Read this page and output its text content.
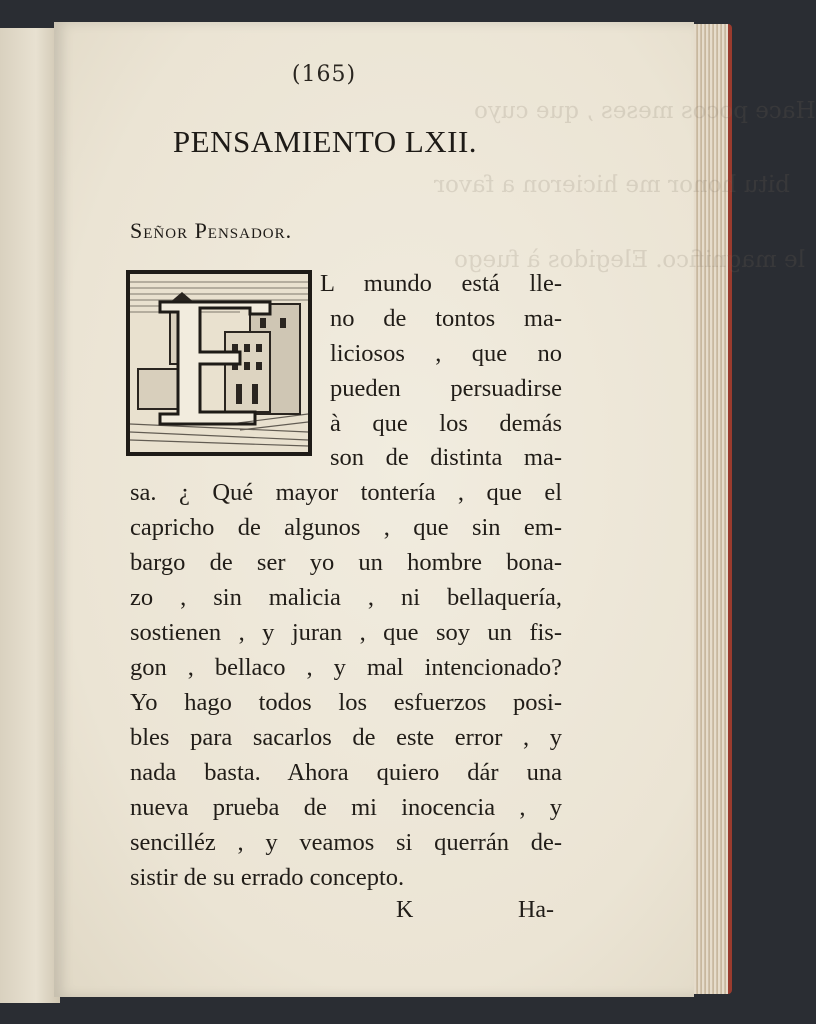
Hace pocos meses , que cuyo
bitu honor me hicieron a favor
le magnifico. Elegidos à fuego
(165)
PENSAMIENTO LXII.
Señor Pensador.
L mundo está lle-
no de tontos ma-
liciosos , que no
pueden persuadirse
à que los demás
son de distinta ma-
sa. ¿ Qué mayor tontería , que el
capricho de algunos , que sin em-
bargo de ser yo un hombre bona-
zo , sin malicia , ni bellaquería,
sostienen , y juran , que soy un fis-
gon , bellaco , y mal intencionado?
Yo hago todos los esfuerzos posi-
bles para sacarlos de este error , y
nada basta. Ahora quiero dár una
nueva prueba de mi inocencia , y
sencilléz , y veamos si querrán de-
sistir de su errado concepto.
K	Ha-
